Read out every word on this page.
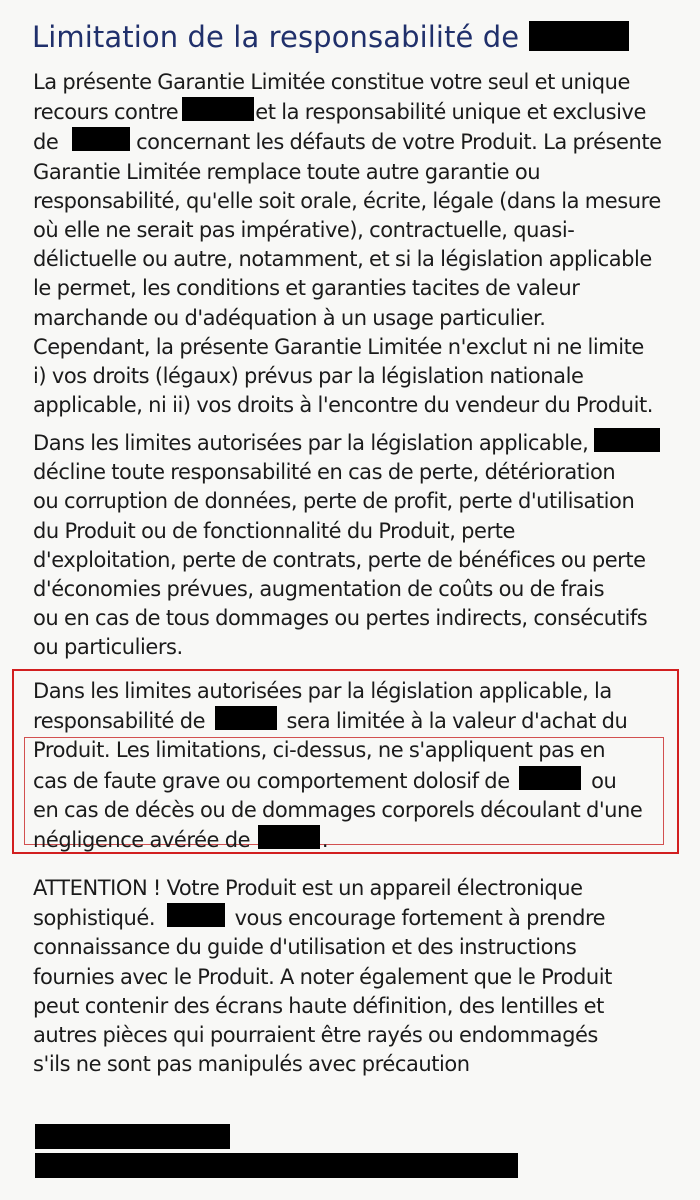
Limitation de la responsabilité de
La présente Garantie Limitée constitue votre seul et unique
recours contre	et la responsabilité unique et exclusive
de	concernant les défauts de votre Produit. La présente
Garantie Limitée remplace toute autre garantie ou
responsabilité, qu'elle soit orale, écrite, légale (dans la mesure
où elle ne serait pas impérative), contractuelle, quasi-
délictuelle ou autre, notamment, et si la législation applicable
le permet, les conditions et garanties tacites de valeur
marchande ou d'adéquation à un usage particulier.
Cependant, la présente Garantie Limitée n'exclut ni ne limite
i) vos droits (légaux) prévus par la législation nationale
applicable, ni ii) vos droits à l'encontre du vendeur du Produit.
Dans les limites autorisées par la législation applicable,
décline toute responsabilité en cas de perte, détérioration
ou corruption de données, perte de profit, perte d'utilisation
du Produit ou de fonctionnalité du Produit, perte
d'exploitation, perte de contrats, perte de bénéfices ou perte
d'économies prévues, augmentation de coûts ou de frais
ou en cas de tous dommages ou pertes indirects, consécutifs
ou particuliers.
Dans les limites autorisées par la législation applicable, la
responsabilité de	sera limitée à la valeur d'achat du
Produit. Les limitations, ci-dessus, ne s'appliquent pas en
cas de faute grave ou comportement dolosif de	ou
en cas de décès ou de dommages corporels découlant d'une
négligence avérée de	.
ATTENTION ! Votre Produit est un appareil électronique
sophistiqué.	vous encourage fortement à prendre
connaissance du guide d'utilisation et des instructions
fournies avec le Produit. A noter également que le Produit
peut contenir des écrans haute définition, des lentilles et
autres pièces qui pourraient être rayés ou endommagés
s'ils ne sont pas manipulés avec précaution
